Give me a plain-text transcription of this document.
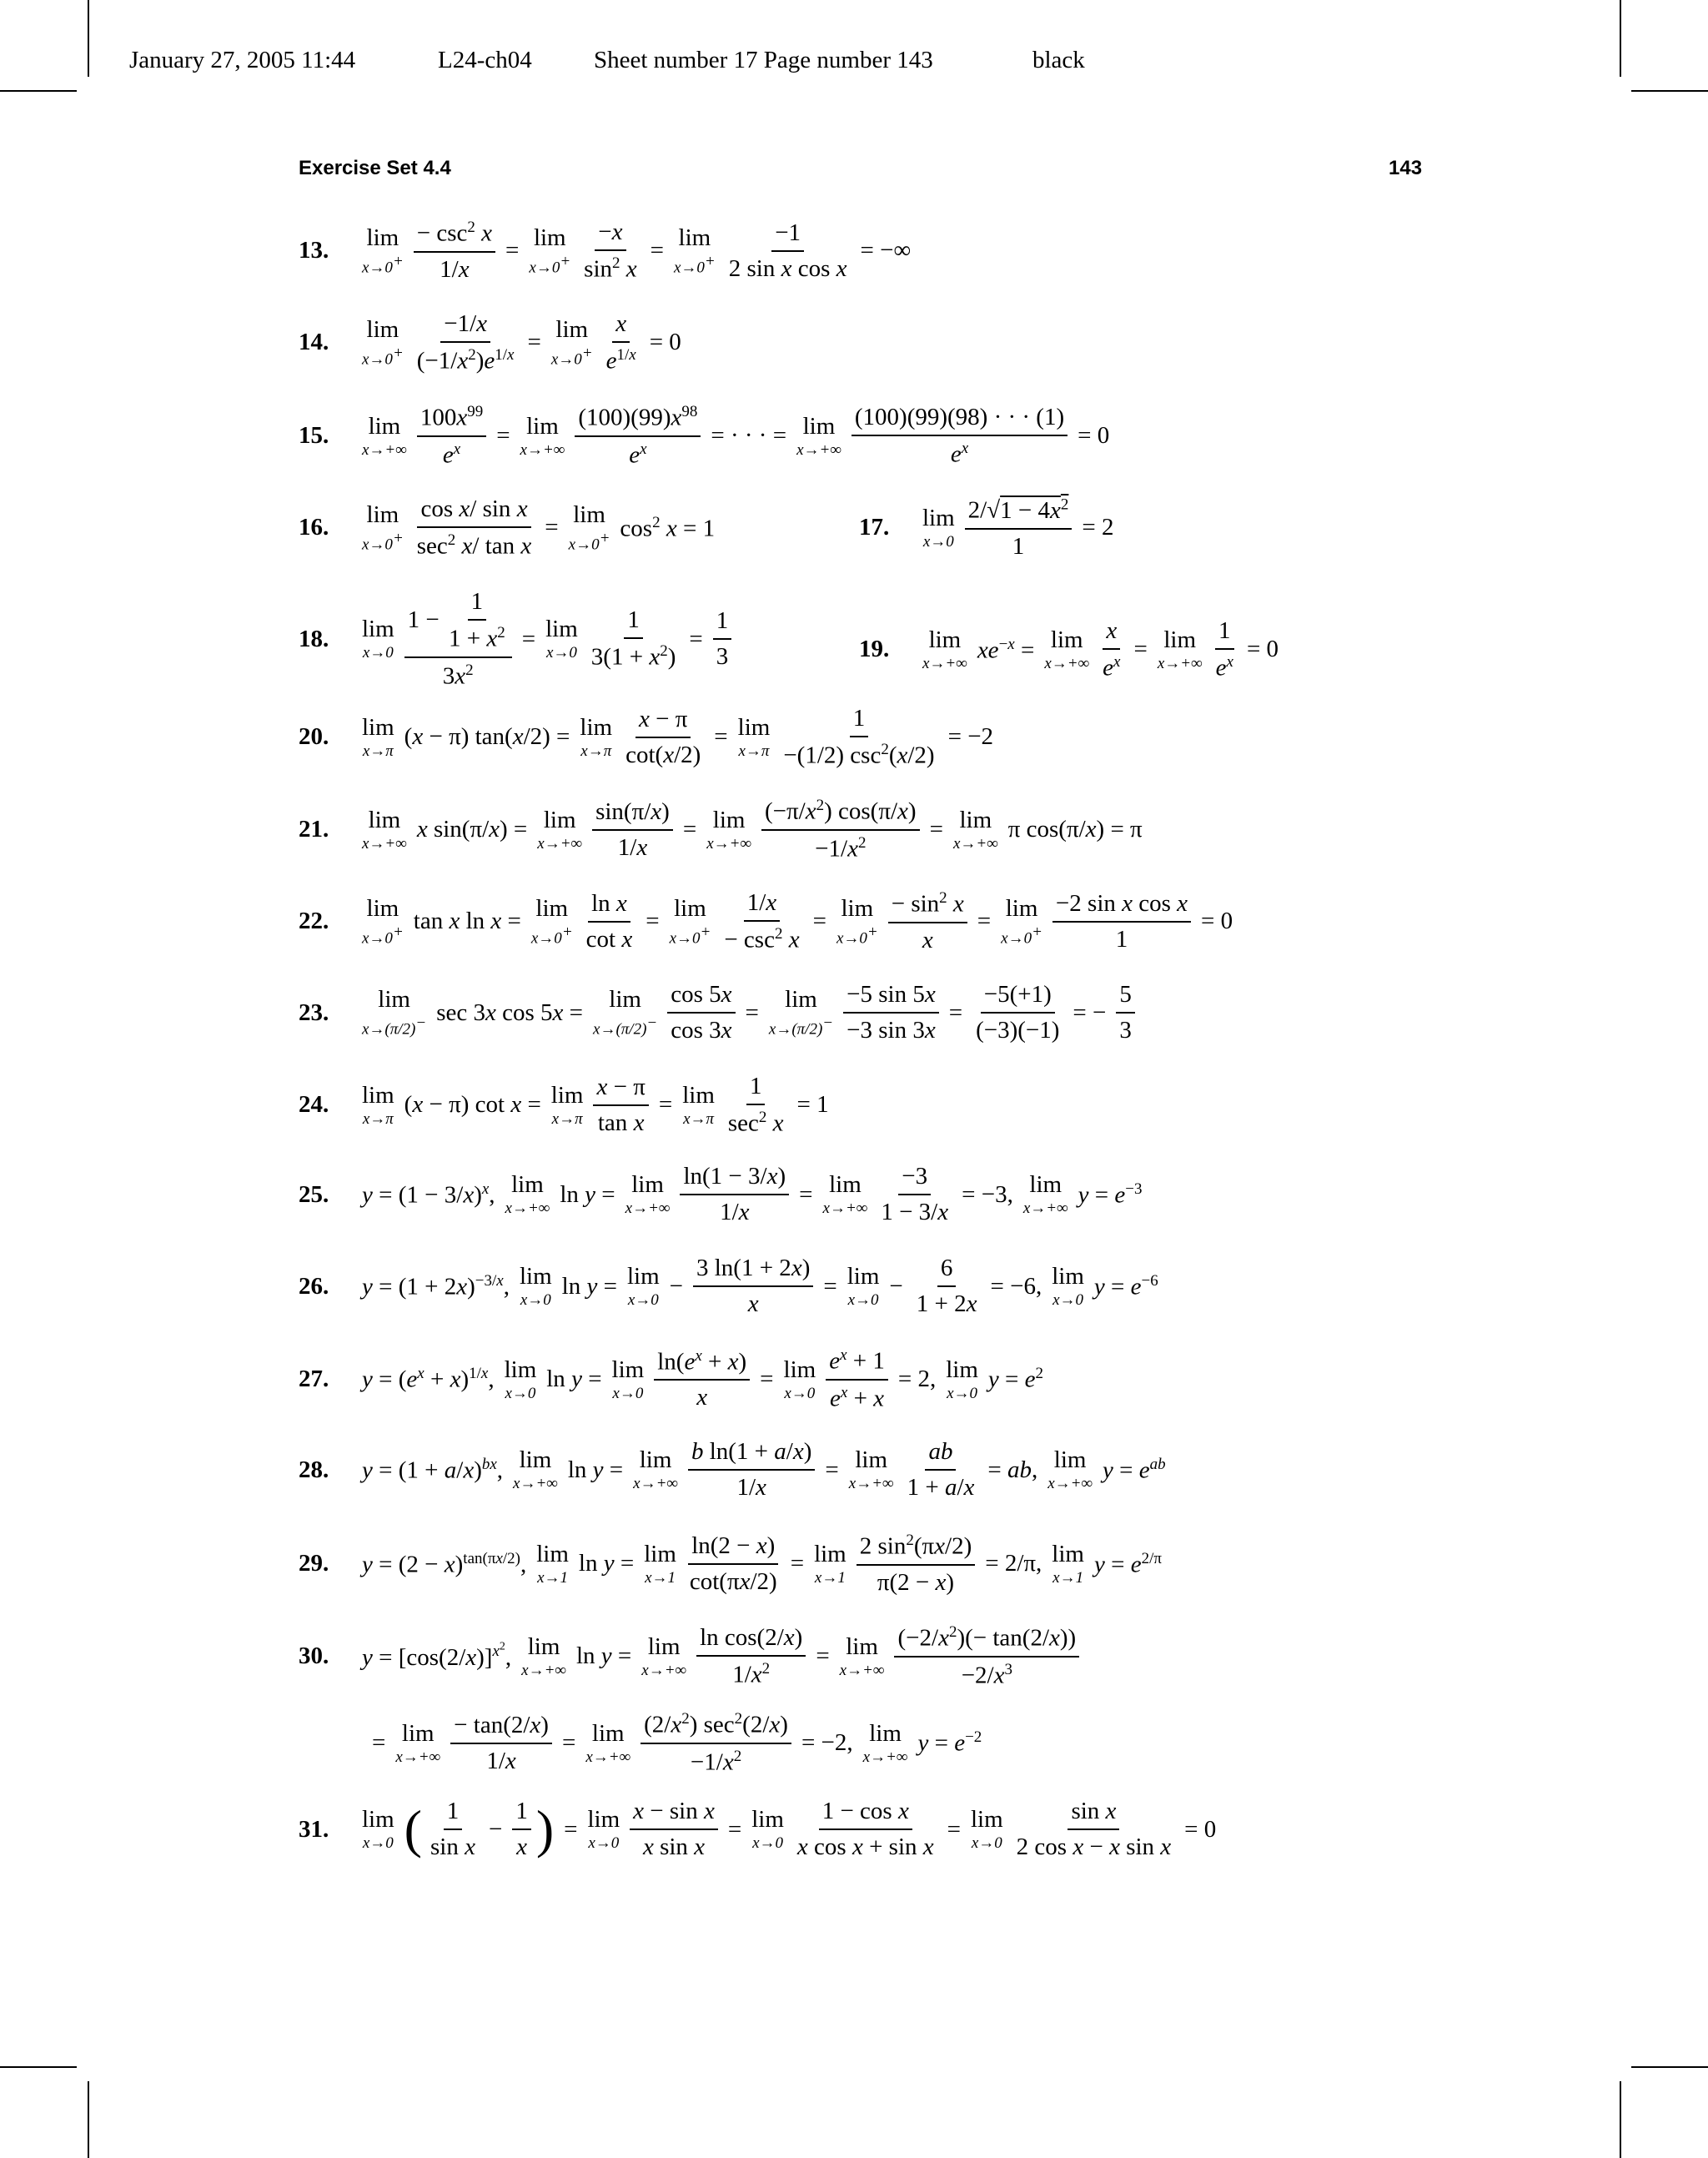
January 27, 2005 11:44	L24-ch04	Sheet number 17 Page number 143	black
Exercise Set 4.4	143
13.	lim
$x\to 0^+ \frac{- \csc^2 x}{1/x} = \lim$
$x\to 0^+ \frac{-x}{\sin^2 x} = \lim$
$x\to 0^+ \frac{-1}{\text{2 sin x cos x}}$ = −∞
14.	lim
$x\to 0^+ \frac{-1/x}{(-1/x^2)e^{1/x}} = \lim$
$x\to 0^+ \frac{x}{e^{1/x}} = 0$
15.	lim
$x\to+\infty \frac{100x^{99}}{e^x} = \lim$
$x\to+\infty \frac{(100)(99)x^{98}}{e^x}$ = · · · = lim
$x\to+\infty \frac{(100)(99)(98) \cdot \cdot \cdot (1)}{e^x} = 0$
16.	lim
$x\to 0^+ \frac{\text{cos x/ sin x}}{\sec^2 x/ \tan x} = \lim$
x→0+ $\cos^2 x = 1$	17.	lim
$x\to 0 \frac{2/√1 - 4x^2}{1} = 2$
18.	lim
$x\to 0 \frac{1 - \frac{1}{1 + x^2}}{3x^2} = \lim$
$x\to 0 \frac{1}{3(1 + x^2)} = \frac{1}{3}$	19.	lim
x→+∞
$xe^{-x} = \lim$
$x\to+\infty \frac{x}{e^x} = \lim$
$x\to+\infty \frac{1}{e^x} = 0$
20.	lim
x→π
(x − π) tan(x/2) = lim
$x\to\pi \frac{x - \pi}{\cot(x/2)} = \lim$
$x\to\pi \frac{1}{-(1/2) \csc^2(x/2)} = -2$
21.	lim
x→+∞
x sin(π/x) = lim
$x\to+\infty \frac{\sin(\pi/x)}{1/x} = \lim$
$x\to+\infty \frac{(-\pi/x^2) \cos(\pi/x)}{-1/x^2} = \lim$
x→+∞
π cos(π/x) = π
22.	lim
x→0+ tan x ln x = lim
$x\to 0^+ \frac{\text{ln x}}{\text{cot x}} = \lim$
$x\to 0^+ \frac{1/x}{- \csc^2 x} = \lim$
$x\to 0^+ \frac{- \sin^2 x}{x} = \lim$
$x\to 0^+ \frac{\text{−2 sin x cos x}}{1} = 0$
23.	lim
x→(π/2)− sec 3x cos 5x = lim
$x\to(\pi/2)^- \frac{\cos 5x}{\cos 3x} = \lim$
$x\to(\pi/2)^- \frac{-5 \sin 5x}{-3 \sin 3x} = \frac{-5(+1)}{(-3)(-1)}$ = − $\frac{5}{3}$
24.	lim
x→π
(x − π) cot x = lim
$x\to\pi \frac{x - \pi}{\text{tan x}} = \lim$
$x\to\pi \frac{1}{\sec^2 x} = 1$
25.	$y = (1 - 3/x)^x$, lim
x→+∞
ln y = lim
$x\to+\infty \frac{\ln(1 - 3/x)}{1/x} = \lim$
$x\to+\infty \frac{-3}{1 - 3/x} = -3$, lim
x→+∞
$y = e^{-3}$
26.	$y = (1 + 2x)^{-3/x}$, lim
x→0
ln y = lim
x→0
− $\frac{3 \ln(1 + 2x)}{x} = \lim$
x→0
− $\frac{6}{1 + 2x} = -6$, lim
x→0
$y = e^{-6}$
27.	$y = (e^x + x)^{1/x}$, lim
x→0
ln y = lim
$x\to 0 \frac{\ln(e^x + x)}{x} = \lim$
$x\to 0 \frac{e^x + 1}{e^x + x} = 2$, lim
x→0
$y = e^2$
28.	$y = (1 + a/x)^{bx}$, lim
x→+∞
ln y = lim
$x\to+\infty \frac{\text{b ln(1 + a/x)}}{1/x} = \lim$
$x\to+\infty \frac{ab}{1 + a/x}$ = ab, lim
x→+∞
$y = e^{ab}$
29.	$y = (2 - x)^{tan(\pi x/2)}$, lim
x→1
ln y = lim
$x\to 1 \frac{\ln(2 - x)}{\cot(\pi x/2)} = \lim$
$x\to 1 \frac{2 \sin^2(\pi x/2)}{\pi(2 - x)} = 2/\pi$, lim
x→1
$y = e^{2/\pi}$
30.	$y = [\cos(2/x)]^{x^2}$, lim
x→+∞
ln y = lim
$x\to+\infty \frac{\text{ln cos(2/x)}}{1/x^2} = \lim$
$x\to+\infty \frac{(-2/x^2)(- \tan(2/x))}{-2/x^3}$
= lim
$x\to+\infty \frac{- \tan(2/x)}{1/x} = \lim$
$x\to+\infty \frac{(2/x^2) \sec^2(2/x)}{-1/x^2} = -2$, lim
x→+∞
$y = e^{-2}$
31.	lim
x→0 ( $\frac{1}{\text{sin x}} - \frac{1}{x}$ ) = lim
$x\to 0 \frac{\text{x − sin x}}{\text{x sin x}} = \lim$
$x\to 0 \frac{\text{1 − cos x}}{\text{x cos x + sin x}} = \lim$
$x\to 0 \frac{\text{sin x}}{\text{2 cos x − x sin x}} = 0$
